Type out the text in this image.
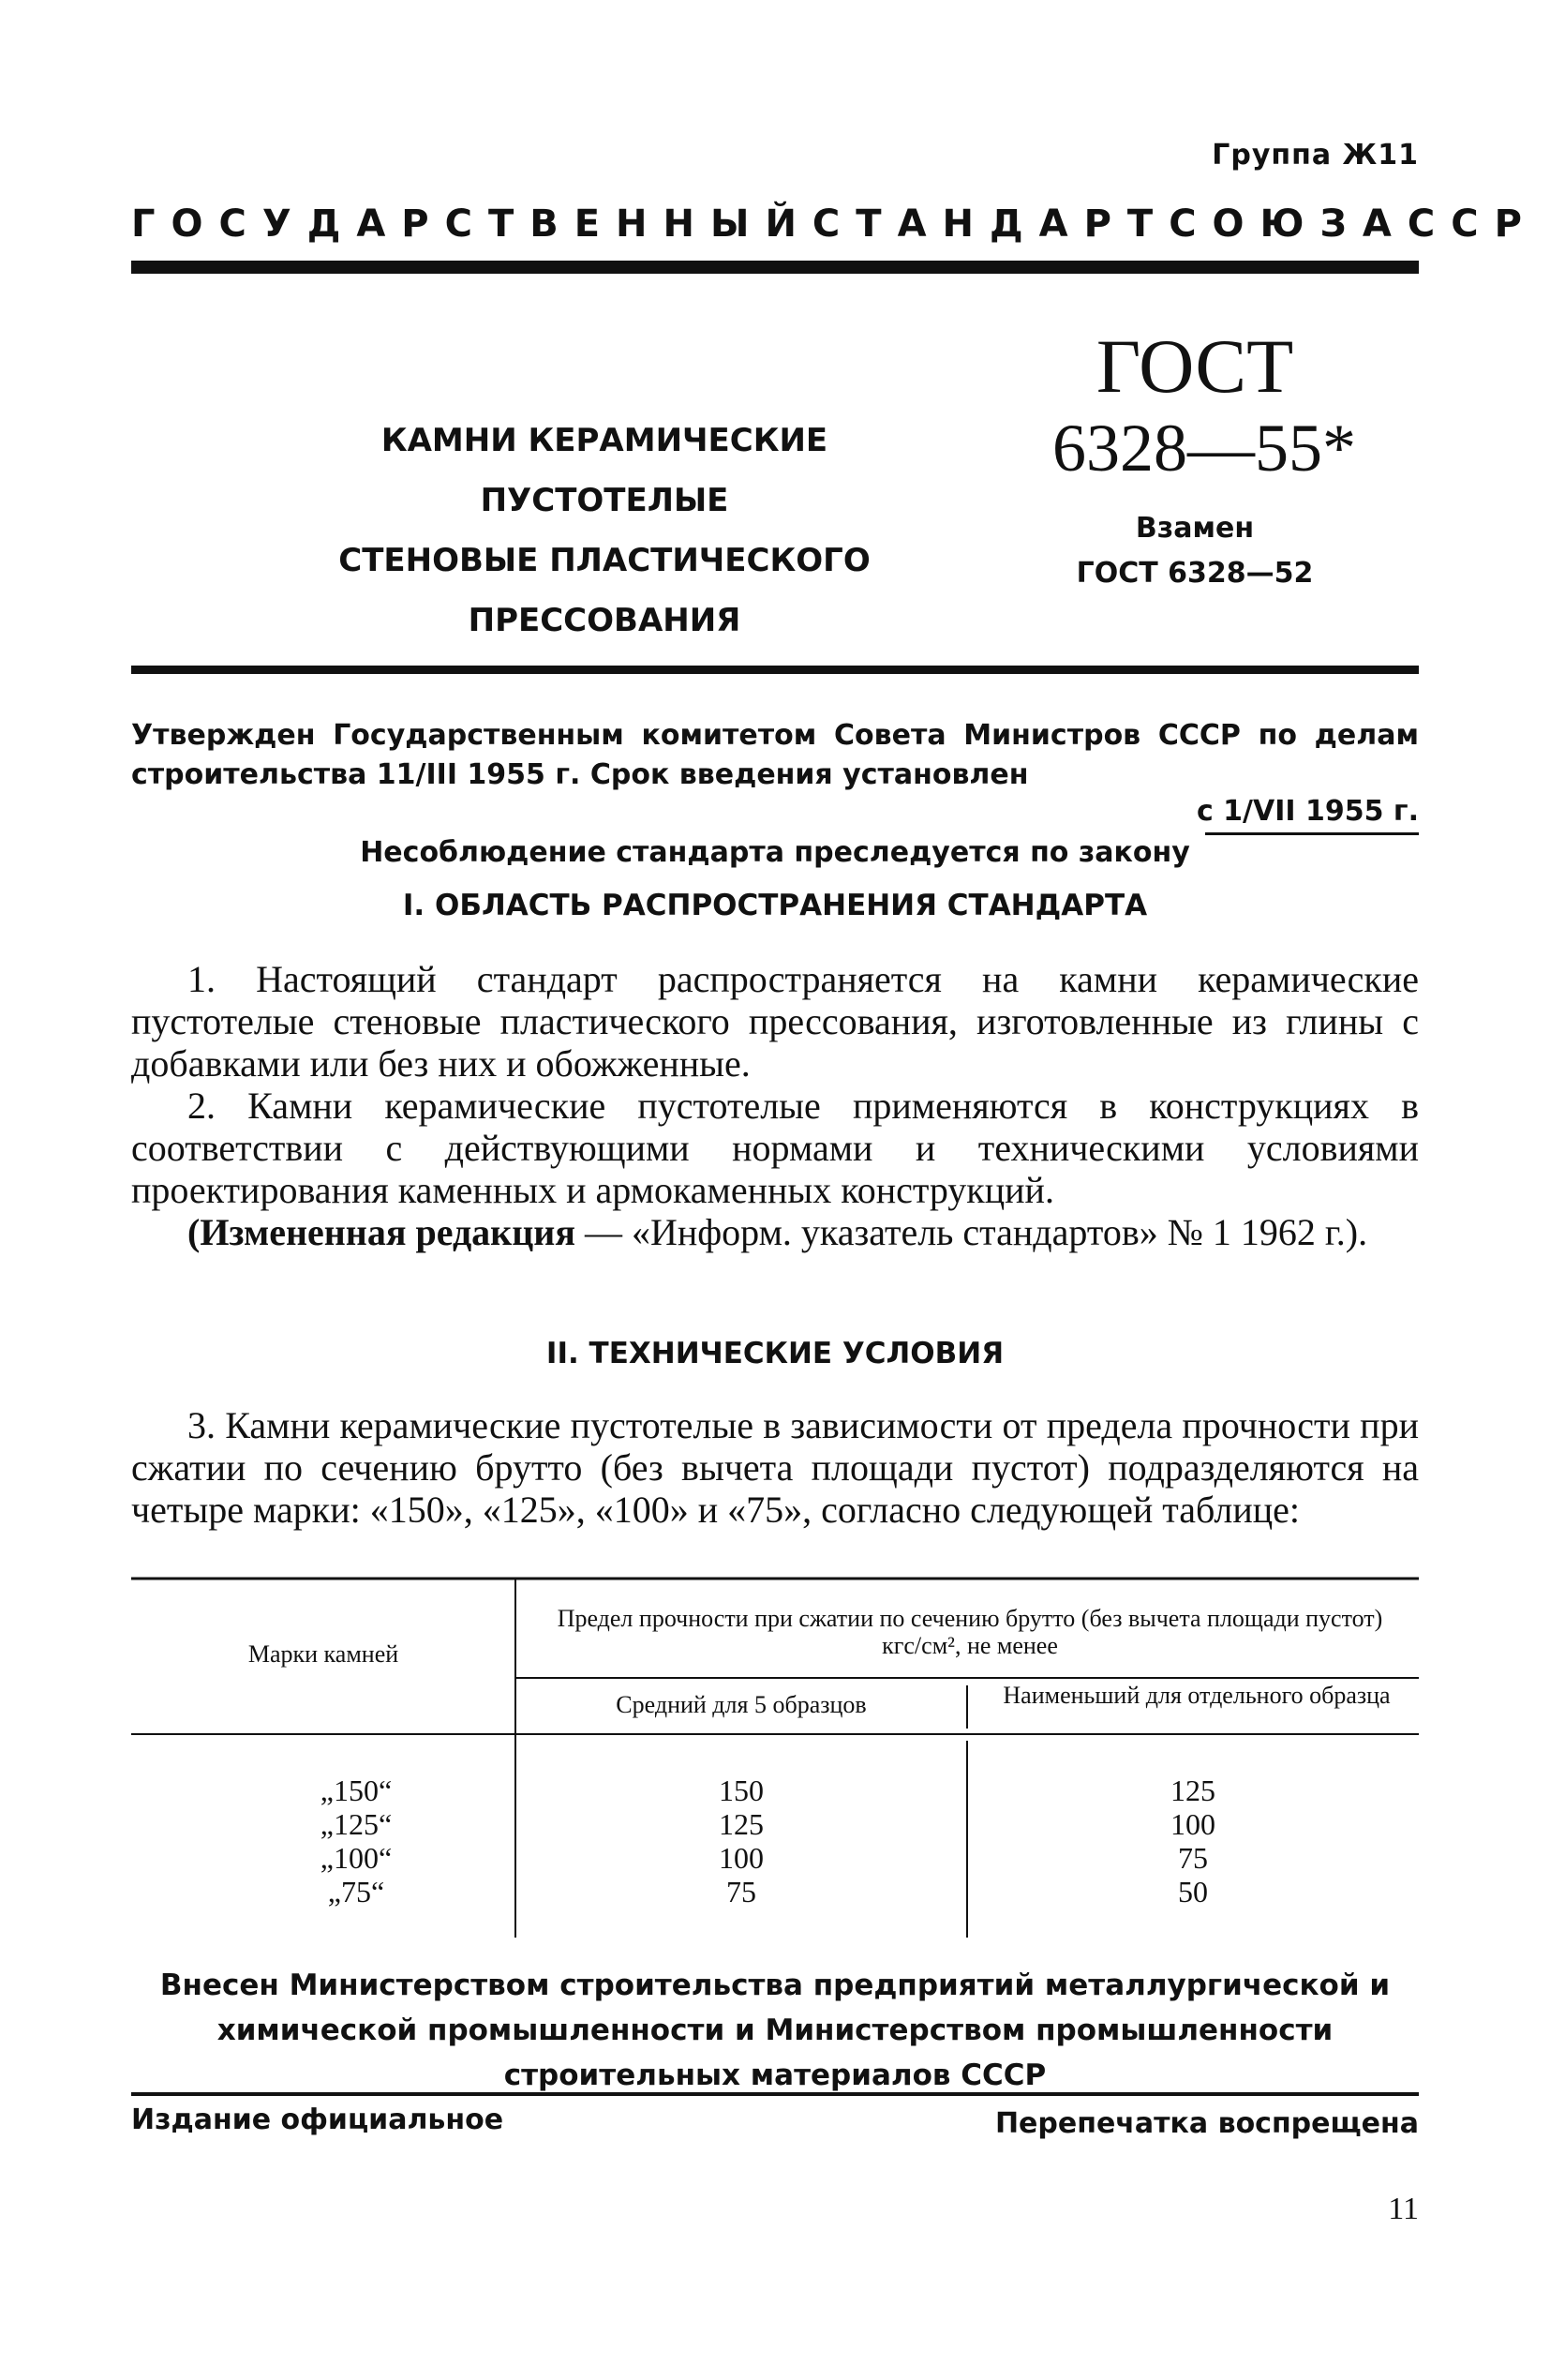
Группа Ж11
ГОСУДАРСТВЕННЫЙ СТАНДАРТ СОЮЗА ССР
КАМНИ КЕРАМИЧЕСКИЕ ПУСТОТЕЛЫЕ
СТЕНОВЫЕ ПЛАСТИЧЕСКОГО ПРЕССОВАНИЯ
ГОСТ
6328—55*
Взамен
ГОСТ 6328—52
Утвержден Государственным комитетом Совета Министров СССР по делам строительства 11/III 1955 г. Срок введения установлен
с 1/VII 1955 г.
Несоблюдение стандарта преследуется по закону
I. ОБЛАСТЬ РАСПРОСТРАНЕНИЯ СТАНДАРТА

1. Настоящий стандарт распространяется на камни керамические пустотелые стеновые пластического прессования, изготовленные из глины с добавками или без них и обожженные.

2. Камни керамические пустотелые применяются в конструкциях в соответствии с действующими нормами и техническими условиями проектирования каменных и армокаменных конструкций.

(Измененная редакция — «Информ. указатель стандартов» № 1 1962 г.).

II. ТЕХНИЧЕСКИЕ УСЛОВИЯ

3. Камни керамические пустотелые в зависимости от предела прочности при сжатии по сечению брутто (без вычета площади пустот) подразделяются на четыре марки: «150», «125», «100» и «75», согласно следующей таблице:

Марки камней
Предел прочности при сжатии по сечению брутто (без вычета площади пустот) кгс/см², не менее
Средний для 5 образцов	Наименьший для отдельного образца
„150“
„125“
„100“
„75“
150
125
100
75
125
100
75
50
Внесен Министерством строительства предприятий металлургической и химической промышленности и Министерством промышленности строительных материалов СССР
Издание официальное	Перепечатка воспрещена
11
